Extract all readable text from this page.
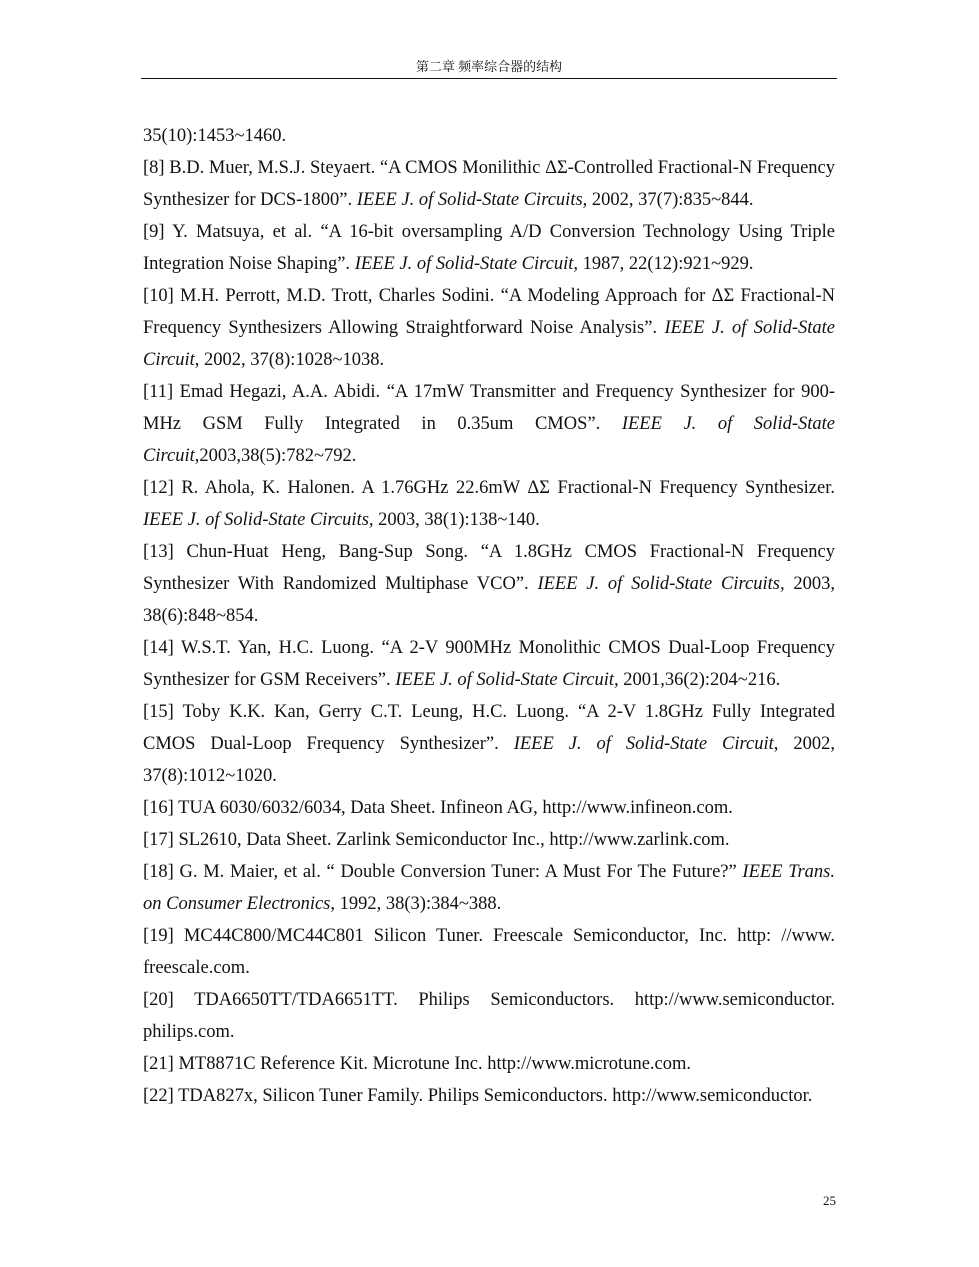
第二章 频率综合器的结构

35(10):1453~1460.

[8] B.D. Muer, M.S.J. Steyaert. “A CMOS Monilithic ΔΣ-Controlled Fractional-N Frequency Synthesizer for DCS-1800”. IEEE J. of Solid-State Circuits, 2002, 37(7):835~844.

[9] Y. Matsuya, et al. “A 16-bit oversampling A/D Conversion Technology Using Triple Integration Noise Shaping”. IEEE J. of Solid-State Circuit, 1987, 22(12):921~929.

[10] M.H. Perrott, M.D. Trott, Charles Sodini. “A Modeling Approach for ΔΣ Fractional-N Frequency Synthesizers Allowing Straightforward Noise Analysis”. IEEE J. of Solid-State Circuit, 2002, 37(8):1028~1038.

[11] Emad Hegazi, A.A. Abidi. “A 17mW Transmitter and Frequency Synthesizer for 900-MHz GSM Fully Integrated in 0.35um CMOS”. IEEE J. of Solid-State Circuit,2003,38(5):782~792.

[12] R. Ahola, K. Halonen. A 1.76GHz 22.6mW ΔΣ Fractional-N Frequency Synthesizer. IEEE J. of Solid-State Circuits, 2003, 38(1):138~140.

[13] Chun-Huat Heng, Bang-Sup Song. “A 1.8GHz CMOS Fractional-N Frequency Synthesizer With Randomized Multiphase VCO”. IEEE J. of Solid-State Circuits, 2003, 38(6):848~854.

[14] W.S.T. Yan, H.C. Luong. “A 2-V 900MHz Monolithic CMOS Dual-Loop Frequency Synthesizer for GSM Receivers”. IEEE J. of Solid-State Circuit, 2001,36(2):204~216.

[15] Toby K.K. Kan, Gerry C.T. Leung, H.C. Luong. “A 2-V 1.8GHz Fully Integrated CMOS Dual-Loop Frequency Synthesizer”. IEEE J. of Solid-State Circuit, 2002, 37(8):1012~1020.

[16] TUA 6030/6032/6034, Data Sheet. Infineon AG, http://www.infineon.com.

[17] SL2610, Data Sheet. Zarlink Semiconductor Inc., http://www.zarlink.com.

[18] G. M. Maier, et al. “ Double Conversion Tuner: A Must For The Future?” IEEE Trans. on Consumer Electronics, 1992, 38(3):384~388.

[19] MC44C800/MC44C801 Silicon Tuner. Freescale Semiconductor, Inc. http: //www. freescale.com.

[20] TDA6650TT/TDA6651TT. Philips Semiconductors. http://www.semiconductor. philips.com.

[21] MT8871C Reference Kit. Microtune Inc. http://www.microtune.com.

[22] TDA827x, Silicon Tuner Family. Philips Semiconductors. http://www.semiconductor.

25
